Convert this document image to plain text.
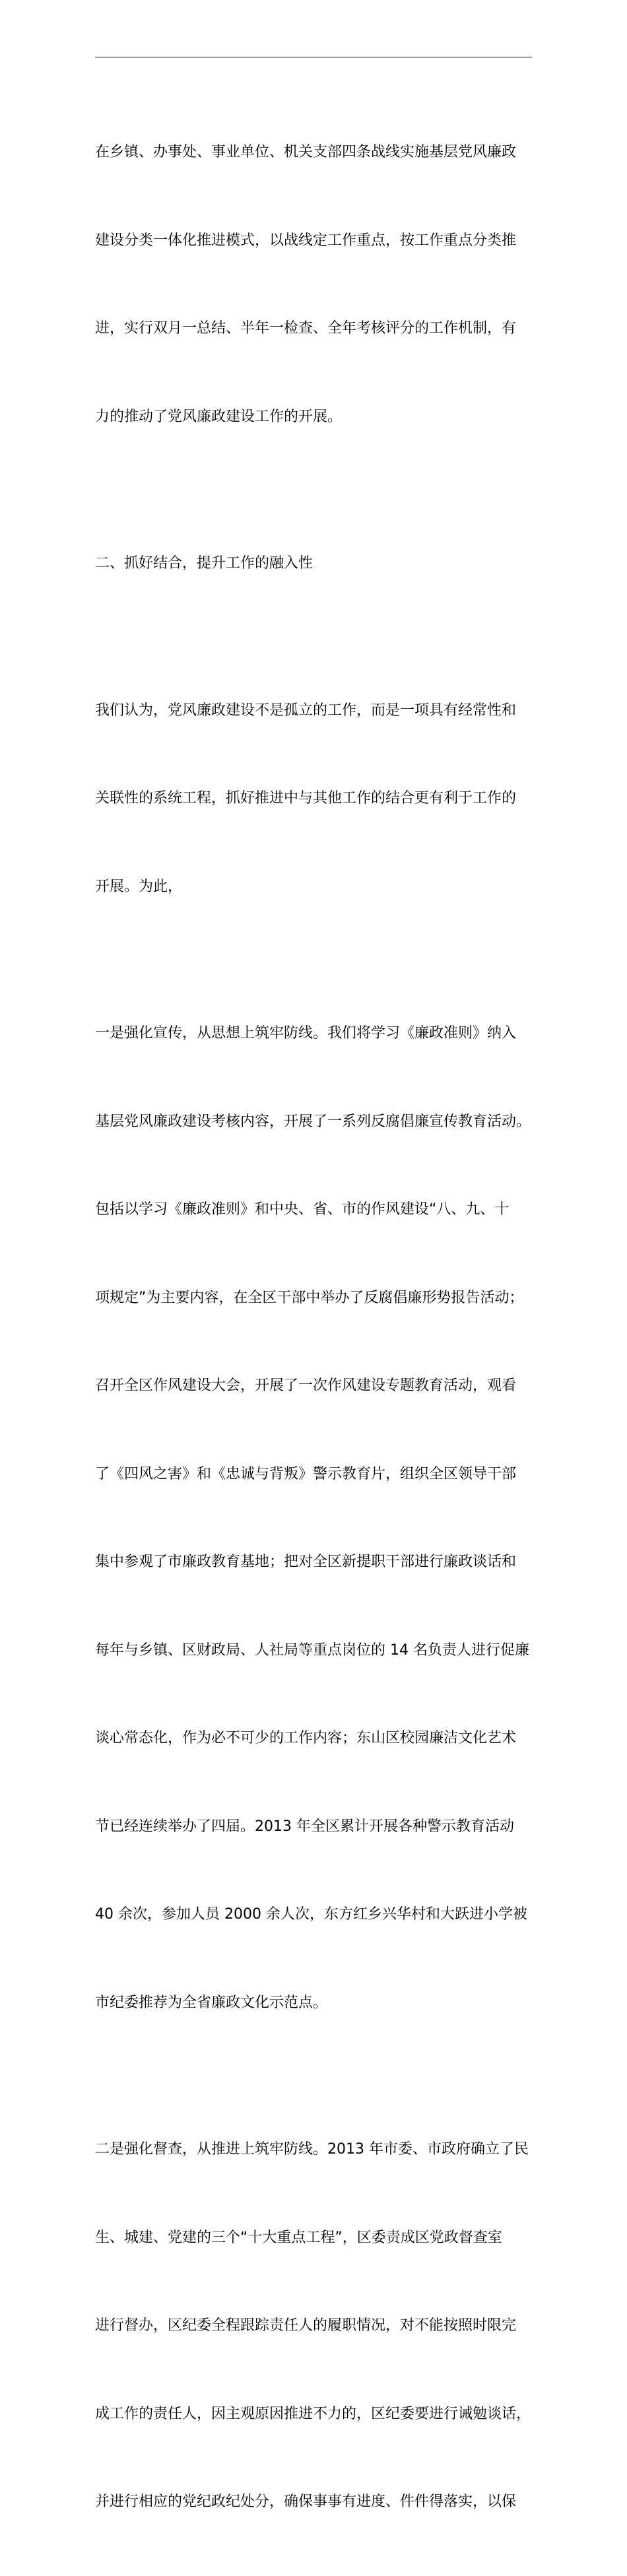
在乡镇、办事处、事业单位、机关支部四条战线实施基层党风廉政

建设分类一体化推进模式，以战线定工作重点，按工作重点分类推

进，实行双月一总结、半年一检查、全年考核评分的工作机制，有

力的推动了党风廉政建设工作的开展。

二、抓好结合，提升工作的融入性

我们认为，党风廉政建设不是孤立的工作，而是一项具有经常性和

关联性的系统工程，抓好推进中与其他工作的结合更有利于工作的

开展。为此，

一是强化宣传，从思想上筑牢防线。我们将学习《廉政准则》纳入

基层党风廉政建设考核内容，开展了一系列反腐倡廉宣传教育活动。

包括以学习《廉政准则》和中央、省、市的作风建设“八、九、十

项规定”为主要内容，在全区干部中举办了反腐倡廉形势报告活动；

召开全区作风建设大会，开展了一次作风建设专题教育活动，观看

了《四风之害》和《忠诚与背叛》警示教育片，组织全区领导干部

集中参观了市廉政教育基地；把对全区新提职干部进行廉政谈话和

每年与乡镇、区财政局、人社局等重点岗位的 14 名负责人进行促廉

谈心常态化，作为必不可少的工作内容；东山区校园廉洁文化艺术

节已经连续举办了四届。2013 年全区累计开展各种警示教育活动

40 余次，参加人员 2000 余人次，东方红乡兴华村和大跃进小学被

市纪委推荐为全省廉政文化示范点。

二是强化督查，从推进上筑牢防线。2013 年市委、市政府确立了民

生、城建、党建的三个“十大重点工程”，区委责成区党政督查室

进行督办，区纪委全程跟踪责任人的履职情况，对不能按照时限完

成工作的责任人，因主观原因推进不力的，区纪委要进行诫勉谈话，

并进行相应的党纪政纪处分，确保事事有进度、件件得落实，以保
